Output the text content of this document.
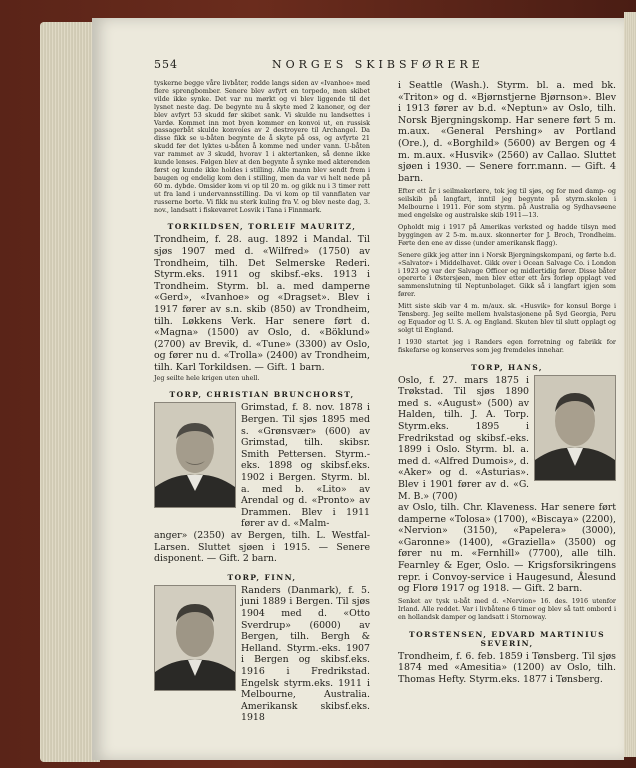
554	NORGES SKIBSFØRERE

tyskerne begge våre livbåter, rodde langs siden av «Ivanhoe» med flere sprengbomber. Senere blev avfyrt en torpedo, men skibet vilde ikke synke. Det var nu mørkt og vi blev liggende til det lysnet neste dag. De begynte nu å skyte med 2 kanoner, og der blev avfyrt 53 skudd før skibet sank. Vi skulde nu landsettes i Vardø. Kommet inn mot byen kommer en konvoi ut, en russisk passagerbåt skulde konvoies av 2 destroyere til Archangel. Da disse fikk se u-båten begynte de å skyte på oss, og avfyrte 21 skudd før det lyktes u-båten å komme ned under vann. U-båten var rammet av 3 skudd, hvorav 1 i aktertanken, så denne ikke kunde lenses. Følgen blev at den begynte å synke med akterenden først og kunde ikke holdes i stilling. Alle mann blev sendt frem i baugen og endelig kom den i stilling, men da var vi helt nede på 60 m. dybde. Omsider kom vi op til 20 m. og gikk nu i 3 timer rett ut fra land i undervannsstilling. Da vi kom op til vannflaten var russerne borte. Vi fikk nu sterk kuling fra V. og blev neste dag, 3. nov., landsatt i fiskeværet Losvik i Tana i Finnmark.

TORKILDSEN, TORLEIF MAURITZ,

Trondheim, f. 28. aug. 1892 i Mandal. Til sjøs 1907 med d. «Wilfred» (1750) av Trondheim, tilh. Det Selmerske Rederi. Styrm.eks. 1911 og skibsf.-eks. 1913 i Trondheim. Styrm. bl. a. med damperne «Gerd», «Ivanhoe» og «Dragset». Blev i 1917 fører av s.n. skib (850) av Trondheim, tilh. Løkkens Verk. Har senere ført d. «Magna» (1500) av Oslo, d. «Böklund» (2700) av Brevik, d. «Tune» (3300) av Oslo, og fører nu d. «Trolla» (2400) av Trondheim, tilh. Karl Torkildsen. — Gift. 1 barn.

Jeg seilte hele krigen uten uhell.

TORP, CHRISTIAN BRUNCHORST,

Grimstad, f. 8. nov. 1878 i Bergen. Til sjøs 1895 med s. «Grønsvær» (600) av Grimstad, tilh. skibsr. Smith Pettersen. Styrm.-eks. 1898 og skibsf.eks. 1902 i Bergen. Styrm. bl. a. med b. «Lito» av Arendal og d. «Pronto» av Drammen. Blev i 1911 fører av d. «Malm-

anger» (2350) av Bergen, tilh. L. Westfal-Larsen. Sluttet sjøen i 1915. — Senere disponent. — Gift. 2 barn.

TORP, FINN,

Randers (Danmark), f. 5. juni 1889 i Bergen. Til sjøs 1904 med d. «Otto Sverdrup» (6000) av Bergen, tilh. Bergh & Helland. Styrm.-eks. 1907 i Bergen og skibsf.eks. 1916 i Fredrikstad. Engelsk styrm.eks. 1911 i Melbourne, Australia. Amerikansk skibsf.eks. 1918

i Seattle (Wash.). Styrm. bl. a. med bk. «Triton» og d. «Bjørnstjerne Bjørnson». Blev i 1913 fører av b.d. «Neptun» av Oslo, tilh. Norsk Bjergningskomp. Har senere ført 5 m. m.aux. «General Pershing» av Portland (Ore.), d. «Borghild» (5600) av Bergen og 4 m. m.aux. «Husvik» (2560) av Callao. Sluttet sjøen i 1930. — Senere forr.mann. — Gift. 4 barn.

Efter ett år i seilmakerlære, tok jeg til sjøs, og for med damp- og seilskib på langfart, inntil jeg begynte på styrm.skolen i Melbourne i 1911. Fór som styrm. på Australia og Sydhavsøene med engelske og australske skib 1911—13.

Opholdt mig i 1917 på Amerikas verksted og hadde tilsyn med byggingen av 2 5-m. m.aux. skonnerter for J. Broch, Trondheim. Førte den ene av disse (under amerikansk flagg).

Senere gikk jeg atter inn i Norsk Bjergningskompani, og førte b.d. «Salvator» i Middelhavet. Gikk over i Ocean Salvage Co. i London i 1923 og var der Salvage Officer og midlertidig fører. Disse båter opererte i Østersjøen, men blev etter ett års forløp opplagt ved sammenslutning til Neptunbolaget. Gikk så i langfart igjen som fører.

Mitt siste skib var 4 m. m/aux. sk. «Husvik» for konsul Borge i Tønsberg. Jeg seilte mellem hvalstasjonene på Syd Georgia, Peru og Equador og U. S. A. og England. Skuten blev til slutt opplagt og solgt til England.

I 1930 startet jeg i Randers egen forretning og fabrikk for fiskefarse og konserves som jeg fremdeles innehar.

TORP, HANS,

Oslo, f. 27. mars 1875 i Trøkstad. Til sjøs 1890 med s. «August» (500) av Halden, tilh. J. A. Torp. Styrm.eks. 1895 i Fredrikstad og skibsf.-eks. 1899 i Oslo. Styrm. bl. a. med d. «Alfred Dumois», d. «Aker» og d. «Asturias». Blev i 1901 fører av d. «G. M. B.» (700)

av Oslo, tilh. Chr. Klaveness. Har senere ført damperne «Tolosa» (1700), «Biscaya» (2200), «Nervion» (3150), «Papelera» (3000), «Garonne» (1400), «Graziella» (3500) og fører nu m. «Fernhill» (7700), alle tilh. Fearnley & Eger, Oslo. — Krigsforsikringens repr. i Convoy-service i Haugesund, Ålesund og Florø 1917 og 1918. — Gift. 2 barn.

Senket av tysk u-båt med d. «Nervion» 16. des. 1916 utenfor Irland. Alle reddet. Var i livbåtene 6 timer og blev så tatt ombord i en hollandsk damper og landsatt i Stornoway.

TORSTENSEN, EDVARD MARTINIUS SEVERIN,

Trondheim, f. 6. feb. 1859 i Tønsberg. Til sjøs 1874 med «Amesitia» (1200) av Oslo, tilh. Thomas Hefty. Styrm.eks. 1877 i Tønsberg.
